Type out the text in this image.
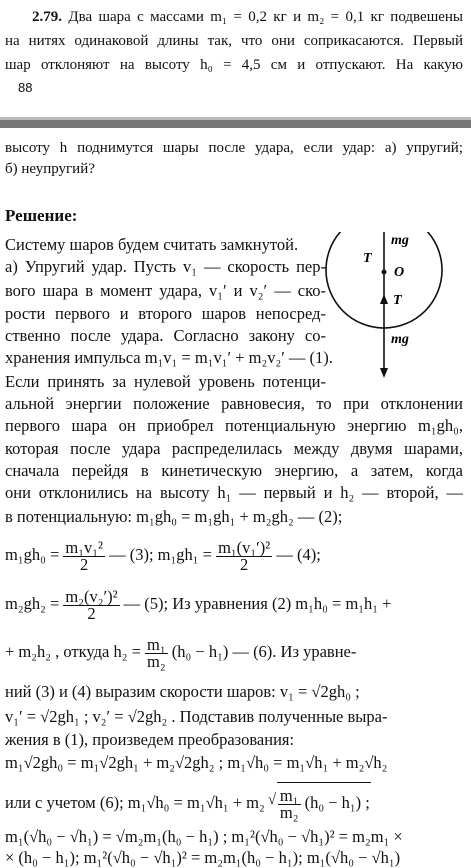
2.79. Два шара с массами m₁ = 0,2 кг и m₂ = 0,1 кг подвешены
на нитях одинаковой длины так, что они соприкасаются. Первый
шар отклоняют на высоту h₀ = 4,5 см и отпускают. На какую
88
высоту h поднимутся шары после удара, если удар: а) упругий;
б) неупругий?
Решение:
T
mg
O
T
mg
Систему шаров будем считать замкнутой.
а) Упругий удар. Пусть v₁ — скорость пер-
вого шара в момент удара, v₁′ и v₂′ — ско-
рости первого и второго шаров непосред-
ственно после удара. Согласно закону со-
хранения импульса m₁v₁ = m₁v₁′ + m₂v₂′ — (1).
Если принять за нулевой уровень потенци-
альной энергии положение равновесия, то при отклонении
первого шара он приобрел потенциальную энергию m₁gh₀,
которая после удара распределилась между двумя шарами,
сначала перейдя в кинетическую энергию, а затем, когда
они отклонились на высоту h₁ — первый и h₂ — второй, —
в потенциальную: m₁gh₀ = m₁gh₁ + m₂gh₂ — (2);
$m_1gh_0 = \frac{\text{m₁v₁²}}{2}$ — (3); $m_1gh_1 = \frac{\text{m₁(v₁′)²}}{2}$ — (4);
$m_2gh_2 = \frac{\text{m₂(v₂′)²}}{2}$ — (5); Из уравнения (2) m₁h₀ = m₁h₁ +
+ m₂h₂ , откуда $h_2 = \frac{\text{m₁}}{\text{m₂}} (h_0 - h_1)$ — (6). Из уравне-
ний (3) и (4) выразим скорости шаров: v₁ = √2gh₀ ;
v₁′ = √2gh₁ ; v₂′ = √2gh₂ . Подставив полученные выра-
жения в (1), произведем преобразования:
m₁√2gh₀ = m₁√2gh₁ + m₂√2gh₂ ; m₁√h₀ = m₁√h₁ + m₂√h₂
или с учетом (6); m₁√h₀ = m₁√h₁ + m₂
√ $\frac{\text{m₁}}{\text{m₂}} (h_0 - h_1)$ ;
m₁(√h₀ − √h₁) = √m₂m₁(h₀ − h₁) ; m₁²(√h₀ − √h₁)² = m₂m₁ ×
× (h₀ − h₁); m₁²(√h₀ − √h₁)² = m₂m₁(h₀ − h₁); m₁(√h₀ − √h₁)
